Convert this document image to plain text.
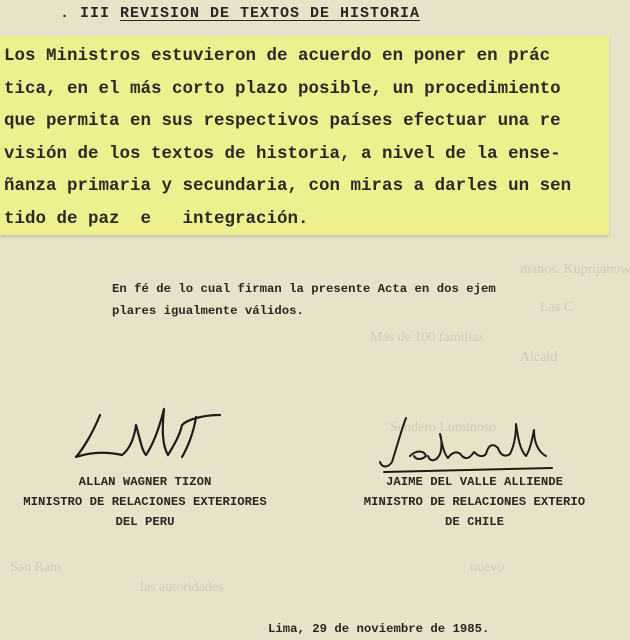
manos. Kuprijanow
Las C
Más de 100 familias
Alcald
Sendero Luminoso
San Ram
las autoridades
nuevo
. III REVISION DE TEXTOS DE HISTORIA
Los Ministros estuvieron de acuerdo en poner en prác
tica, en el más corto plazo posible, un procedimiento
que permita en sus respectivos países efectuar una re
visión de los textos de historia, a nivel de la ense-
ñanza primaria y secundaria, con miras a darles un sen
tido de paz  e   integración.
En fé de lo cual firman la presente Acta en dos ejem
plares igualmente válidos.
ALLAN WAGNER TIZON
MINISTRO DE RELACIONES EXTERIORES
DEL PERU
JAIME DEL VALLE ALLIENDE
MINISTRO DE RELACIONES EXTERIO
DE CHILE
Lima, 29 de noviembre de 1985.
